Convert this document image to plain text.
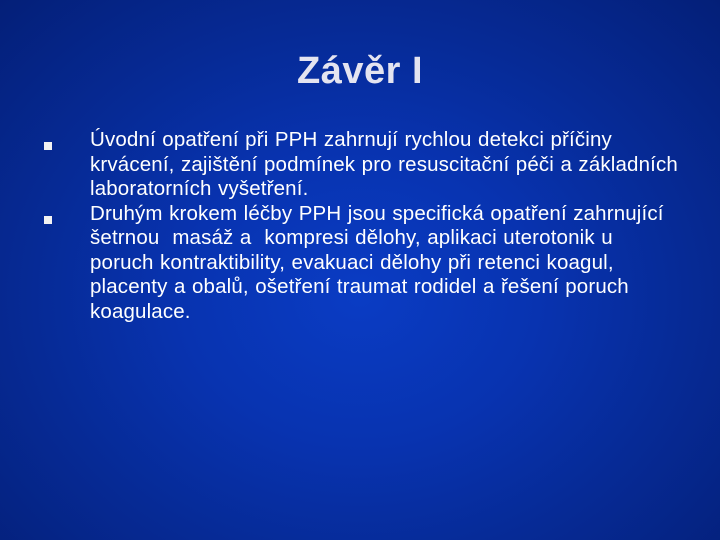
Závěr I
Úvodní opatření při PPH zahrnují rychlou detekci příčiny krvácení, zajištění podmínek pro resuscitační péči a základních laboratorních vyšetření.
Druhým krokem léčby PPH jsou specifická opatření zahrnující šetrnou  masáž a  kompresi dělohy, aplikaci uterotonik u poruch kontraktibility, evakuaci dělohy při retenci koagul, placenty a obalů, ošetření traumat rodidel a řešení poruch koagulace.
